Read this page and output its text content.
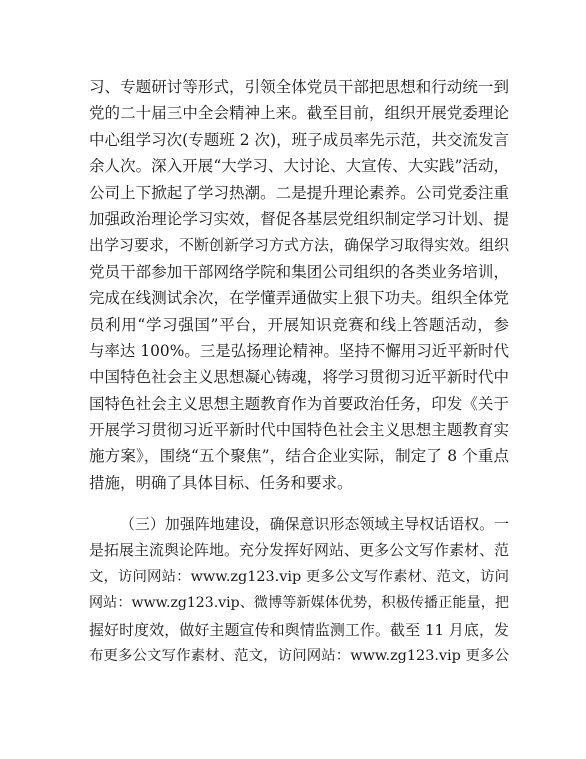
习、专题研讨等形式，引领全体党员干部把思想和行动统一到
党的二十届三中全会精神上来。截至目前，组织开展党委理论
中心组学习次(专题班 2 次)，班子成员率先示范，共交流发言
余人次。深入开展“大学习、大讨论、大宣传、大实践”活动，
公司上下掀起了学习热潮。二是提升理论素养。公司党委注重
加强政治理论学习实效，督促各基层党组织制定学习计划、提
出学习要求，不断创新学习方式方法，确保学习取得实效。组织
党员干部参加干部网络学院和集团公司组织的各类业务培训，
完成在线测试余次，在学懂弄通做实上狠下功夫。组织全体党
员利用“学习强国”平台，开展知识竞赛和线上答题活动，参
与率达 100%。三是弘扬理论精神。坚持不懈用习近平新时代
中国特色社会主义思想凝心铸魂，将学习贯彻习近平新时代中
国特色社会主义思想主题教育作为首要政治任务，印发《关于
开展学习贯彻习近平新时代中国特色社会主义思想主题教育实
施方案》，围绕“五个聚焦”，结合企业实际，制定了 8 个重点
措施，明确了具体目标、任务和要求。
（三）加强阵地建设，确保意识形态领域主导权话语权。一
是拓展主流舆论阵地。充分发挥好网站、更多公文写作素材、范
文，访问网站：www.zg123.vip 更多公文写作素材、范文，访问
网站：www.zg123.vip、微博等新媒体优势，积极传播正能量，把
握好时度效，做好主题宣传和舆情监测工作。截至 11 月底，发
布更多公文写作素材、范文，访问网站：www.zg123.vip 更多公
